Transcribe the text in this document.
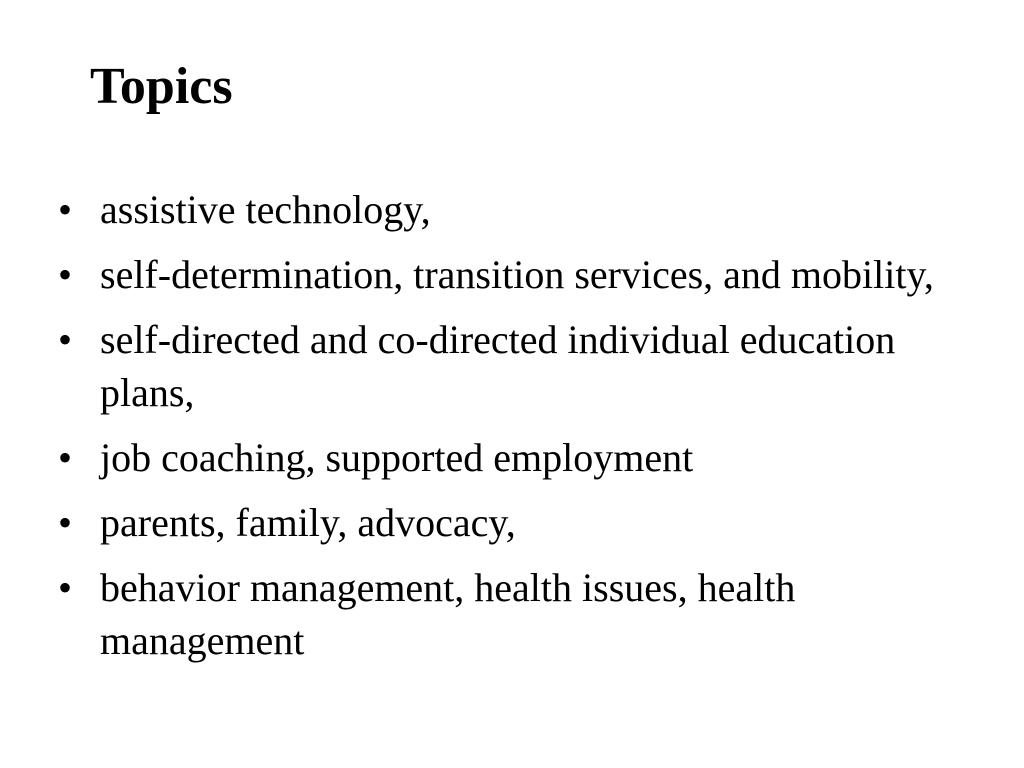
Topics
• assistive technology,
• self-determination, transition services, and mobility,
• self-directed and co-directed individual education plans,
• job coaching, supported employment
• parents, family, advocacy,
• behavior management, health issues, health management
